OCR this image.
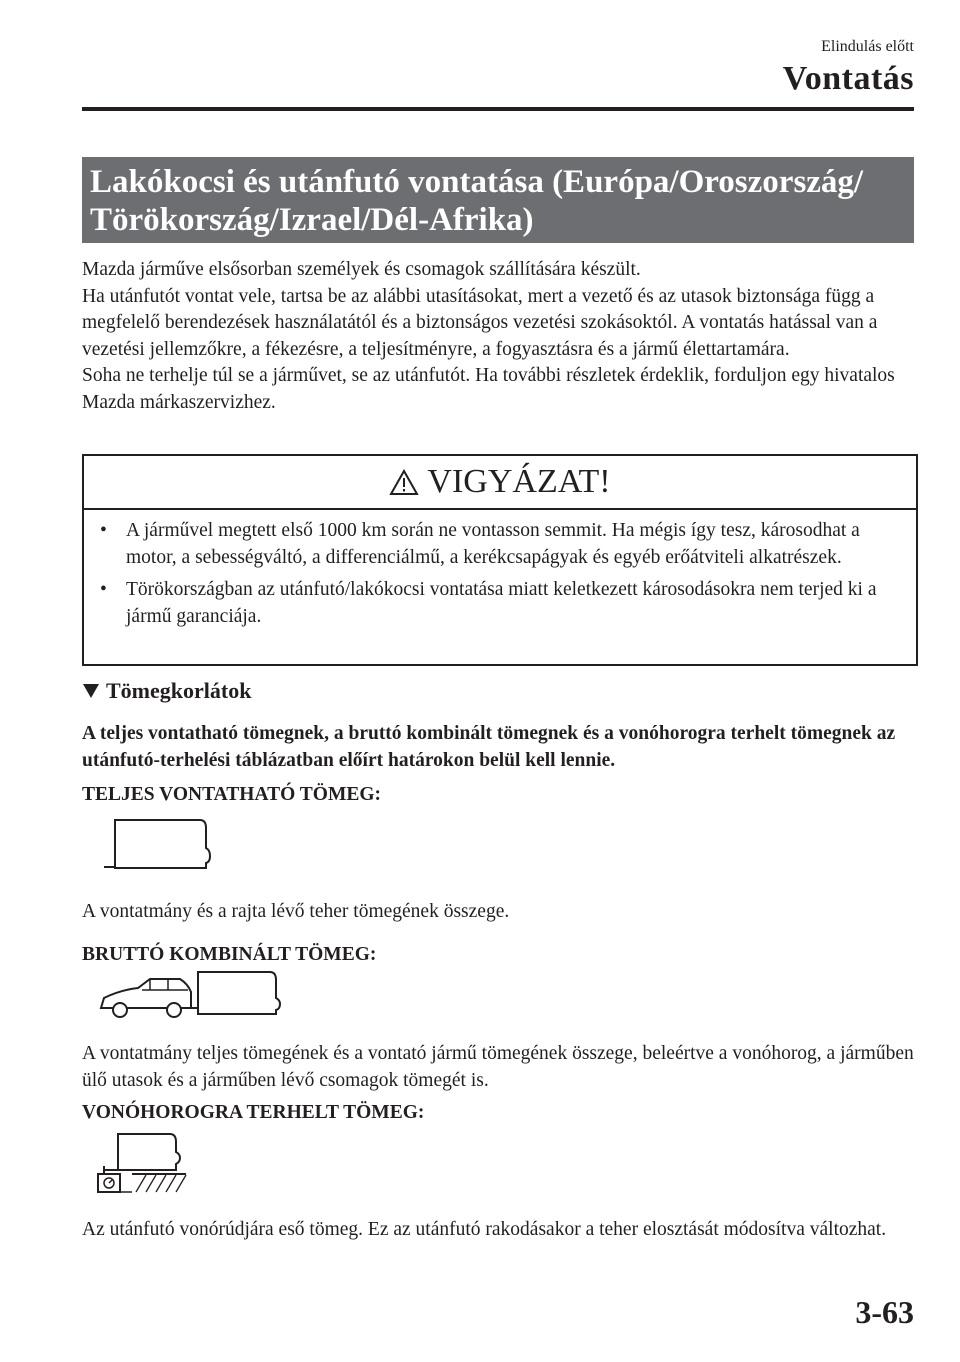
Elindulás előtt
Vontatás
Lakókocsi és utánfutó vontatása (Európa/Oroszország/
Törökország/Izrael/Dél-Afrika)

Mazda járműve elsősorban személyek és csomagok szállítására készült.

Ha utánfutót vontat vele, tartsa be az alábbi utasításokat, mert a vezető és az utasok biztonsága függ a megfelelő berendezések használatától és a biztonságos vezetési szokásoktól. A vontatás hatással van a vezetési jellemzőkre, a fékezésre, a teljesítményre, a fogyasztásra és a jármű élettartamára.

Soha ne terhelje túl se a járművet, se az utánfutót. Ha további részletek érdeklik, forduljon egy hivatalos Mazda márkaszervizhez.

VIGYÁZAT!
• A járművel megtett első 1000 km során ne vontasson semmit. Ha mégis így tesz, károsodhat a motor, a sebességváltó, a differenciálmű, a kerékcsapágyak és egyéb erőátviteli alkatrészek.
• Törökországban az utánfutó/lakókocsi vontatása miatt keletkezett károsodásokra nem terjed ki a jármű garanciája.
Tömegkorlátok
A teljes vontatható tömegnek, a bruttó kombinált tömegnek és a vonóhorogra terhelt tömegnek az utánfutó-terhelési táblázatban előírt határokon belül kell lennie.
TELJES VONTATHATÓ TÖMEG:
A vontatmány és a rajta lévő teher tömegének összege.
BRUTTÓ KOMBINÁLT TÖMEG:
A vontatmány teljes tömegének és a vontató jármű tömegének összege, beleértve a vonóhorog, a járműben ülő utasok és a járműben lévő csomagok tömegét is.
VONÓHOROGRA TERHELT TÖMEG:
Az utánfutó vonórúdjára eső tömeg. Ez az utánfutó rakodásakor a teher elosztását módosítva változhat.
3-63
